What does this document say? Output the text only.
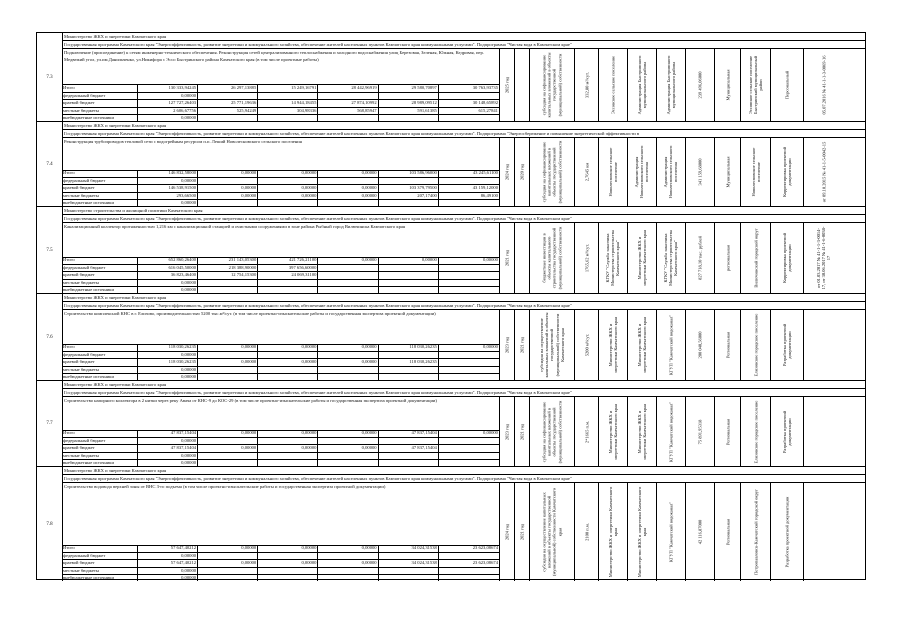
7.3
Министерство ЖКХ и энергетики Камчатского края
Государственная программа Камчатского края "Энергоэффективность, развитие энергетики и коммунального хозяйства, обеспечение жителей населенных пунктов Камчатского края коммунальными услугами". Подпрограмма "Чистая вода в Камчатском крае"
Подключение (присоединение) к сетям инженерно-технического обеспечения. Реконструкция сетей централизованного теплоснабжения и холодного водоснабжения улиц Березовая, Зеленая, Южная, Кедровая, пер. Медвежий угол, ул.им.Данильченко, ул.Никифора с Эссо Быстринского района Камчатского края (в том числе проектные работы)
Итого	130 333,94245	26 297,13885	15 249,16791	28 442,96919	29 580,70897	30 763,93735
федеральный бюджет	0,00000
краевой бюджет	127 727,26403	25 771,19636	14 944,18455	27 874,10992	28 989,09512	30 148,65892
местные бюджеты	2 606,67756	525,94249	304,98336	568,85947	591,61385	615,27841
внебюджетные источники	0,00000
2025 год	субсидия на софинансирование капитальных вложений в объекты государственной (муниципальной) собственности	332,80 м²/сут.	Эссовское сельское поселение	Администрация Быстринского муниципального района	Администрация Быстринского муниципального района	239 496,06000	Муниципальная	Эссовское сельское поселение Быстринский муниципальный район	Персональный	05.07.2016 № 41-1-1-3-0069-16
7.4
Министерство ЖКХ и энергетики Камчатского края
Государственная программа Камчатского края "Энергоэффективность, развитие энергетики и коммунального хозяйства, обеспечение жителей населенных пунктов Камчатского края коммунальными услугами". Подпрограмма "Энергосбережение и повышение энергетической эффективности в
Реконструкция трубопроводов тепловой сети с водогрейным ресурсом п.п. Леший Новолесновского сельского поселения
Итого	146 832,58000	0,00000	0,00000	0,00000	103 586,96000	43 245,61100
федеральный бюджет	0,00000
краевой бюджет	146 538,91500	0,00000	0,00000	0,00000	103 379,79500	43 159,12000
местные бюджеты	293,66500	0,00000	0,00000	0,00000	207,17400	86,49100
внебюджетные источники	0,00000
2024 год 2020 год	субсидия на софинансирование капитальных вложений в объекты государственной (муниципальной) собственности	2,7645 км	Новолесновское сельское поселение	Администрация Новолесновского сельского поселения	Администрация Новолесновского сельского поселения	341 159,68000	Муниципальная	Новолесновское сельское поселение	Корректировка проектной документации	от 09.10.2015 № 41-1-5-0042-15
7.5
Министерство строительства и жилищной политики Камчатского края
Государственная программа Камчатского края "Энергоэффективность, развитие энергетики и коммунального хозяйства, обеспечение жителей населенных пунктов Камчатского края коммунальными услугами". Подпрограмма "Чистая вода в Камчатском крае"
Канализационный коллектор протяженностью 1,216 км с канализационной станцией и очистными сооружениями в зоне района Рыбный город Вилючинска Камчатского края
Итого	652 860,26400	231 143,05300	421 726,21100	0,00000	0,00000	0,00000
федеральный бюджет	616 045,50000	218 388,90000	397 656,60000
краевой бюджет	36 823,46400	12 754,15300	24 069,31100
местные бюджеты	0,00000
внебюджетные источники	0,00000
2021 год	бюджетные инвестиции в объекты капитального строительства государственной (муниципальной) собственности	1765,62 м³/сут.	КГКУ "Служба заказчика Министерства строительства Камчатского края"	Министерство ЖКХ и энергетики Камчатского края	КГКУ "Служба заказчика Министерства строительства Камчатского края"	827 718,10 тыс. рублей	региональная	Вилючинский городской округ	Корректировка проектной документации	от 01.03.2017 № 41-1-1-3-0014-17, от 30.06.2017 № 41-1-6-0038-17
7.6
Министерство ЖКХ и энергетики Камчатского края
Государственная программа Камчатского края "Энергоэффективность, развитие энергетики и коммунального хозяйства, обеспечение жителей населенных пунктов Камчатского края коммунальными услугами". Подпрограмма "Чистая вода в Камчатском крае"
Строительство комплексной КНС в г. Елизово, производительностью 5200 тыс.м³/сут. (в том числе проектно-изыскательские работы и государственная экспертиза проектной документации)
Итого	118 030,26235	0,00000	0,00000	0,00000	118 030,26235	0,00000
федеральный бюджет	0,00000
краевой бюджет	118 030,26235	0,00000	0,00000	0,00000	118 030,26235
местные бюджеты	0,00000
внебюджетные источники	0,00000
2023 год 2021 год	субсидия на осуществление капитальных вложений в объекты государственной (муниципальной) собственности Камчатского края	5200 м³/сут.	Министерство ЖКХ и энергетики Камчатского края	Министерство ЖКХ и энергетики Камчатского края	КГУП "Камчатский водоканал"	200 040,56000	Региональная	Елизовское городское поселение	Разработка проектной документации
7.7
Министерство ЖКХ и энергетики Камчатского края
Государственная программа Камчатского края "Энергоэффективность, развитие энергетики и коммунального хозяйства, обеспечение жителей населенных пунктов Камчатского края коммунальными услугами". Подпрограмма "Чистая вода в Камчатском крае"
Строительство напорного коллектора в 2 нитки через реку Авача от КНС-9 до КОС-29 (в том числе проектно-изыскательские работы и государственная экспертиза проектной документации)
Итого	47 837,15404	0,00000	0,00000	0,00000	47 837,15404	0,00000
федеральный бюджет	0,00000
краевой бюджет	47 837,15404	0,00000	0,00000	0,00000	47 837,15404
местные бюджеты	0,00000
внебюджетные источники	0,00000
2023 год 2021 год	субсидия на софинансирование капитальных вложений в объекты государственной (муниципальной) собственности	2*1665 п.м.	Министерство ЖКХ и энергетики Камчатского края	Министерство ЖКХ и энергетики Камчатского края	КГУП "Камчатский водоканал"	75 891,95318	Региональная	Елизовское городское поселение	Разработка проектной документации
7.8
Министерство ЖКХ и энергетики Камчатского края
Государственная программа Камчатского края "Энергоэффективность, развитие энергетики и коммунального хозяйства, обеспечение жителей населенных пунктов Камчатского края коммунальными услугами". Подпрограмма "Чистая вода в Камчатском крае"
Строительство водовода верхней зоны от ВНС 3-го подъема (в том числе проектно-изыскательские работы и государственная экспертиза проектной документации)
Итого	57 647,40212	0,00000	0,00000	0,00000	34 024,31538	23 623,08674
федеральный бюджет	0,00000
краевой бюджет	57 647,40212	0,00000	0,00000	0,00000	34 024,31538	23 623,08674
местные бюджеты	0,00000
внебюджетные источники	0,00000
2024 год 2021 год	субсидия на осуществление капитальных вложений в объекты государственной (муниципальной) собственности Камчатского края	2100 п.м.	Министерство ЖКХ и энергетики Камчатского края	Министерство ЖКХ и энергетики Камчатского края	КГУП "Камчатский водоканал"	42 116,87000	Региональная	Петропавловск-Камчатский городской округ	Разработка проектной документации
